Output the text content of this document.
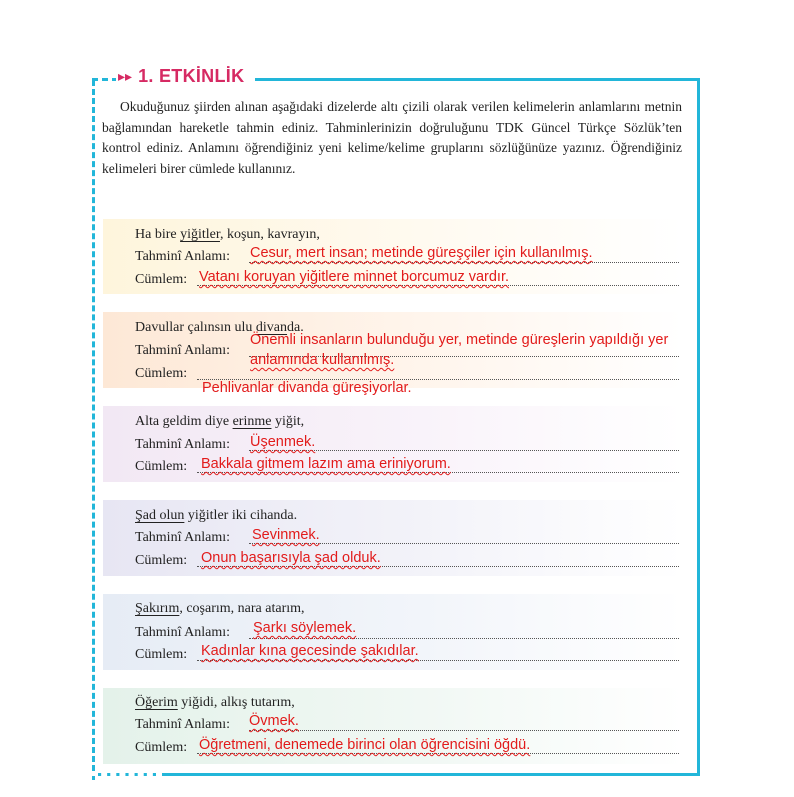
▸▸ 1. ETKİNLİK
Okuduğunuz şiirden alınan aşağıdaki dizelerde altı çizili olarak verilen kelimelerin anlamlarını metnin bağlamından hareketle tahmin ediniz. Tahminlerinizin doğruluğunu TDK Güncel Türkçe Sözlük’ten kontrol ediniz. Anlamını öğrendiğiniz yeni kelime/kelime gruplarını sözlüğünüze yazınız. Öğrendiğiniz kelimeleri birer cümlede kullanınız.
Ha bire yiğitler, koşun, kavrayın,
Tahminî Anlamı: Cesur, mert insan; metinde güreşçiler için kullanılmış.
Cümlem: Vatanı koruyan yiğitlere minnet borcumuz vardır.
Davullar çalınsın ulu divanda.
Tahminî Anlamı:
Önemli insanların bulunduğu yer, metinde güreşlerin yapıldığı yer
anlamında kullanılmış.
Cümlem:
Pehlivanlar divanda güreşiyorlar.
Alta geldim diye erinme yiğit,
Tahminî Anlamı: Üşenmek.
Cümlem: Bakkala gitmem lazım ama eriniyorum.
Şad olun yiğitler iki cihanda.
Tahminî Anlamı: Sevinmek.
Cümlem: Onun başarısıyla şad olduk.
Şakırım, coşarım, nara atarım,
Tahminî Anlamı: Şarkı söylemek.
Cümlem: Kadınlar kına gecesinde şakıdılar.
Öğerim yiğidi, alkış tutarım,
Tahminî Anlamı: Övmek.
Cümlem: Öğretmeni, denemede birinci olan öğrencisini öğdü.
